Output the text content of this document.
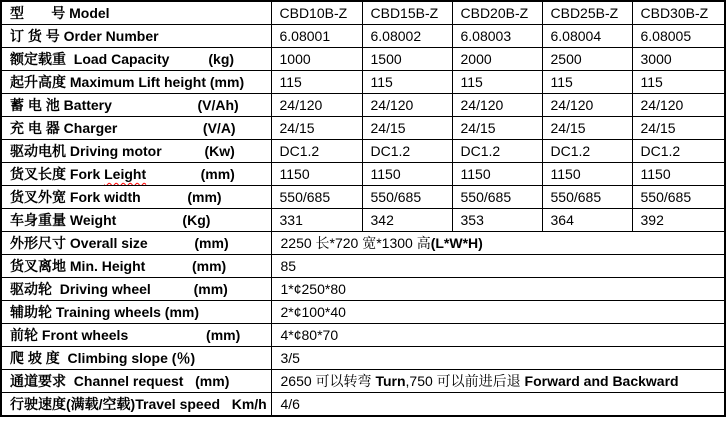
型       号 Model	CBD10B-Z	CBD15B-Z	CBD20B-Z	CBD25B-Z	CBD30B-Z
订 货 号 Order Number	6.08001	6.08002	6.08003	6.08004	6.08005
额定载重  Load Capacity          (kg)	1000	1500	2000	2500	3000
起升高度 Maximum Lift height (mm)	115	115	115	115	115
蓄 电 池 Battery                      (V/Ah)	24/120	24/120	24/120	24/120	24/120
充 电 器 Charger                      (V/A)	24/15	24/15	24/15	24/15	24/15
驱动电机 Driving motor           (Kw)	DC1.2	DC1.2	DC1.2	DC1.2	DC1.2
货叉长度 Fork Leight              (mm)	1150	1150	1150	1150	1150
货叉外宽 Fork width            (mm)	550/685	550/685	550/685	550/685	550/685
车身重量 Weight                 (Kg)	331	342	353	364	392
外形尺寸 Overall size            (mm)	2250 长*720 宽*1300 高(L*W*H)				
货叉离地 Min. Height            (mm)	85				
驱动轮  Driving wheel           (mm)	1*¢250*80				
辅助轮 Training wheels (mm)	2*¢100*40				
前轮 Front wheels                    (mm)	4*¢80*70				
爬 坡 度  Climbing slope (％)	3/5				
通道要求  Channel request   (mm)	2650 可以转弯 Turn,750 可以前进后退 Forward and Backward				
行驶速度(满载/空载)Travel speed   Km/h	4/6				
